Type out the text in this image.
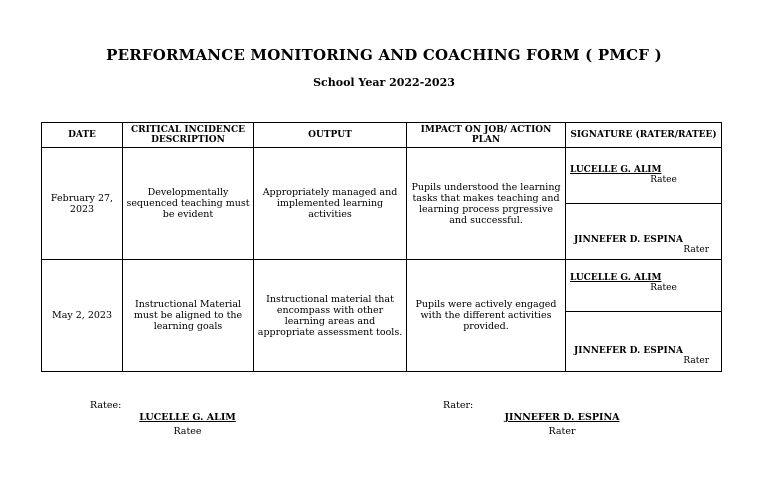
PERFORMANCE MONITORING AND COACHING FORM ( PMCF )
School Year 2022-2023
DATE	CRITICAL INCIDENCE DESCRIPTION	OUTPUT	IMPACT ON JOB/ ACTION PLAN	SIGNATURE (RATER/RATEE)
February 27, 2023	Developmentally sequenced teaching must be evident	Appropriately managed and implemented learning activities	Pupils understood the learning tasks that makes teaching and learning process prgressive and successful.	LUCELLE G. ALIM
Ratee

				JINNEFER D. ESPINA
Rater

May 2, 2023	Instructional Material must be aligned to the learning goals	Instructional material that encompass with other learning areas and appropriate assessment tools.	Pupils were actively engaged with the different activities provided.	LUCELLE G. ALIM
Ratee

				JINNEFER D. ESPINA
Rater
Ratee:
LUCELLE G. ALIM
Ratee
Rater:
JINNEFER D. ESPINA
Rater
